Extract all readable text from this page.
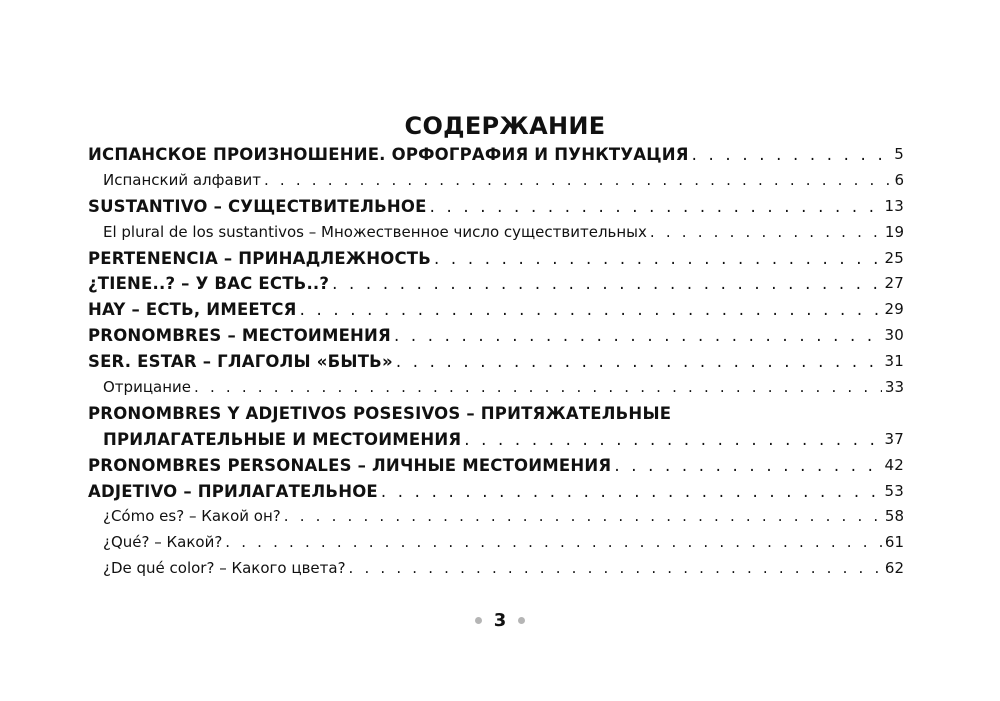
СОДЕРЖАНИЕ
ИСПАНСКОЕ ПРОИЗНОШЕНИЕ. ОРФОГРАФИЯ И ПУНКТУАЦИЯ . . .	5
Испанский алфавит . . .	6
SUSTANTIVO – СУЩЕСТВИТЕЛЬНОЕ . . .	13
El plural de los sustantivos – Множественное число существительных . . .	19
PERTENENCIA – ПРИНАДЛЕЖНОСТЬ . . .	25
¿TIENE..? – У ВАС ЕСТЬ..? . . .	27
HAY – ЕСТЬ, ИМЕЕТСЯ . . .	29
PRONOMBRES – МЕСТОИМЕНИЯ . . .	30
SER. ESTAR – ГЛАГОЛЫ «БЫТЬ» . . .	31
Отрицание . . .	33
PRONOMBRES Y ADJETIVOS POSESIVOS – ПРИТЯЖАТЕЛЬНЫЕ
ПРИЛАГАТЕЛЬНЫЕ И МЕСТОИМЕНИЯ . . .	37
PRONOMBRES PERSONALES – ЛИЧНЫЕ МЕСТОИМЕНИЯ . . .	42
ADJETIVO – ПРИЛАГАТЕЛЬНОЕ . . .	53
¿Cómo es? – Какой он? . . .	58
¿Qué? – Какой? . . .	61
¿De qué color? – Какого цвета? . . .	62
3
